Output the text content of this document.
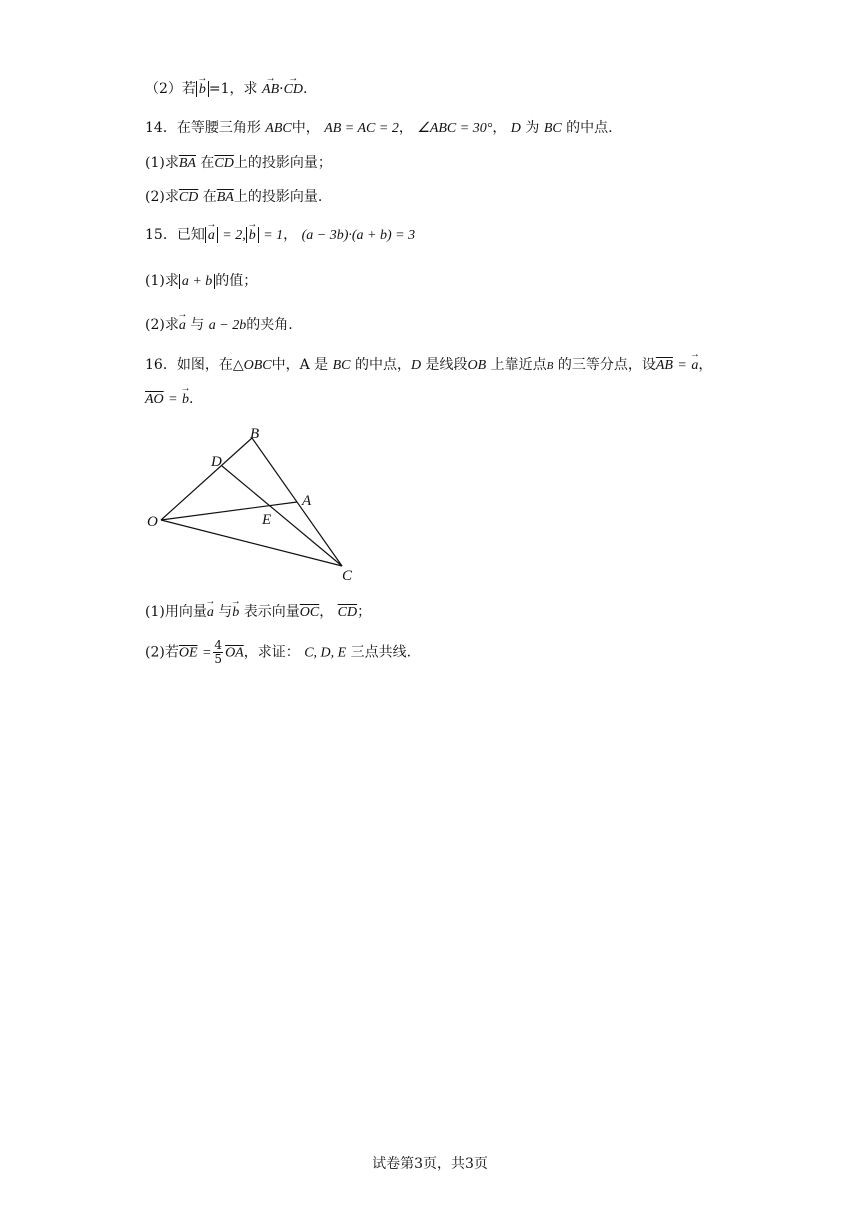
（2）若 → b =1，求 → AB·→ CD.
14．在等腰三角形 ABC中， AB = AC = 2， ∠ABC = 30°， D 为 BC 的中点.
(1)求$\overline{BA}$ 在$\overline{CD}$上的投影向量；
(2)求$\overline{CD}$ 在$\overline{BA}$上的投影向量.
15．已知 → a = 2, → b = 1， (a − 3b)·(a + b) = 3
(1)求 a + b 的值；
(2)求→ a 与 a − 2b的夹角.
16．如图，在△OBC中，A 是 BC 的中点，D 是线段OB 上靠近点B 的三等分点，设$\overline{AB}$ = → a，
$\overline{AO}$ = → b.
B
D
A
O	E
C
(1)用向量→ a 与→ b 表示向量$\overline{OC}$， $\overline{CD}$；
(2)若$\overline{OE} = \frac{4}{5} \overline{OA}$，求证： C, D, E 三点共线.
试卷第3页，共3页
